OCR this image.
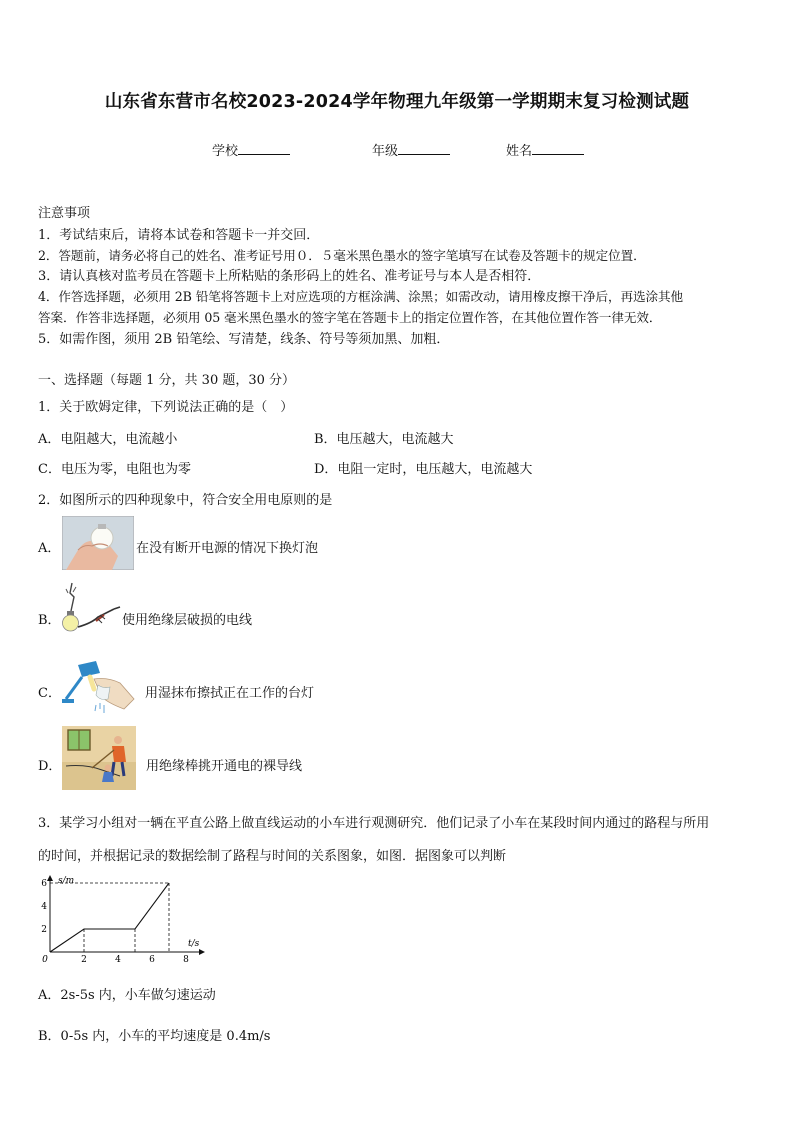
山东省东营市名校2023-2024学年物理九年级第一学期期末复习检测试题
学校	年级	姓名
注意事项
1．考试结束后，请将本试卷和答题卡一并交回．
2．答题前，请务必将自己的姓名、准考证号用０．５毫米黑色墨水的签字笔填写在试卷及答题卡的规定位置．
3．请认真核对监考员在答题卡上所粘贴的条形码上的姓名、准考证号与本人是否相符．
4．作答选择题，必须用 2B 铅笔将答题卡上对应选项的方框涂满、涂黑；如需改动，请用橡皮擦干净后，再选涂其他
答案．作答非选择题，必须用 05 毫米黑色墨水的签字笔在答题卡上的指定位置作答，在其他位置作答一律无效．
5．如需作图，须用 2B 铅笔绘、写清楚，线条、符号等须加黑、加粗．
一、选择题（每题 1 分，共 30 题，30 分）
1．关于欧姆定律，下列说法正确的是（　）
A．电阻越大，电流越小	B．电压越大，电流越大
C．电压为零，电阻也为零	D．电阻一定时，电压越大，电流越大
2．如图所示的四种现象中，符合安全用电原则的是
A．	在没有断开电源的情况下换灯泡
B．	使用绝缘层破损的电线
C．	用湿抹布擦拭正在工作的台灯
D．	用绝缘棒挑开通电的裸导线
3．某学习小组对一辆在平直公路上做直线运动的小车进行观测研究．他们记录了小车在某段时间内通过的路程与所用
的时间，并根据记录的数据绘制了路程与时间的关系图象，如图．据图象可以判断
s/m
t/s
0	2	4	6	8
2
4
6
A．2s-5s 内，小车做匀速运动
B．0-5s 内，小车的平均速度是 0.4m/s
